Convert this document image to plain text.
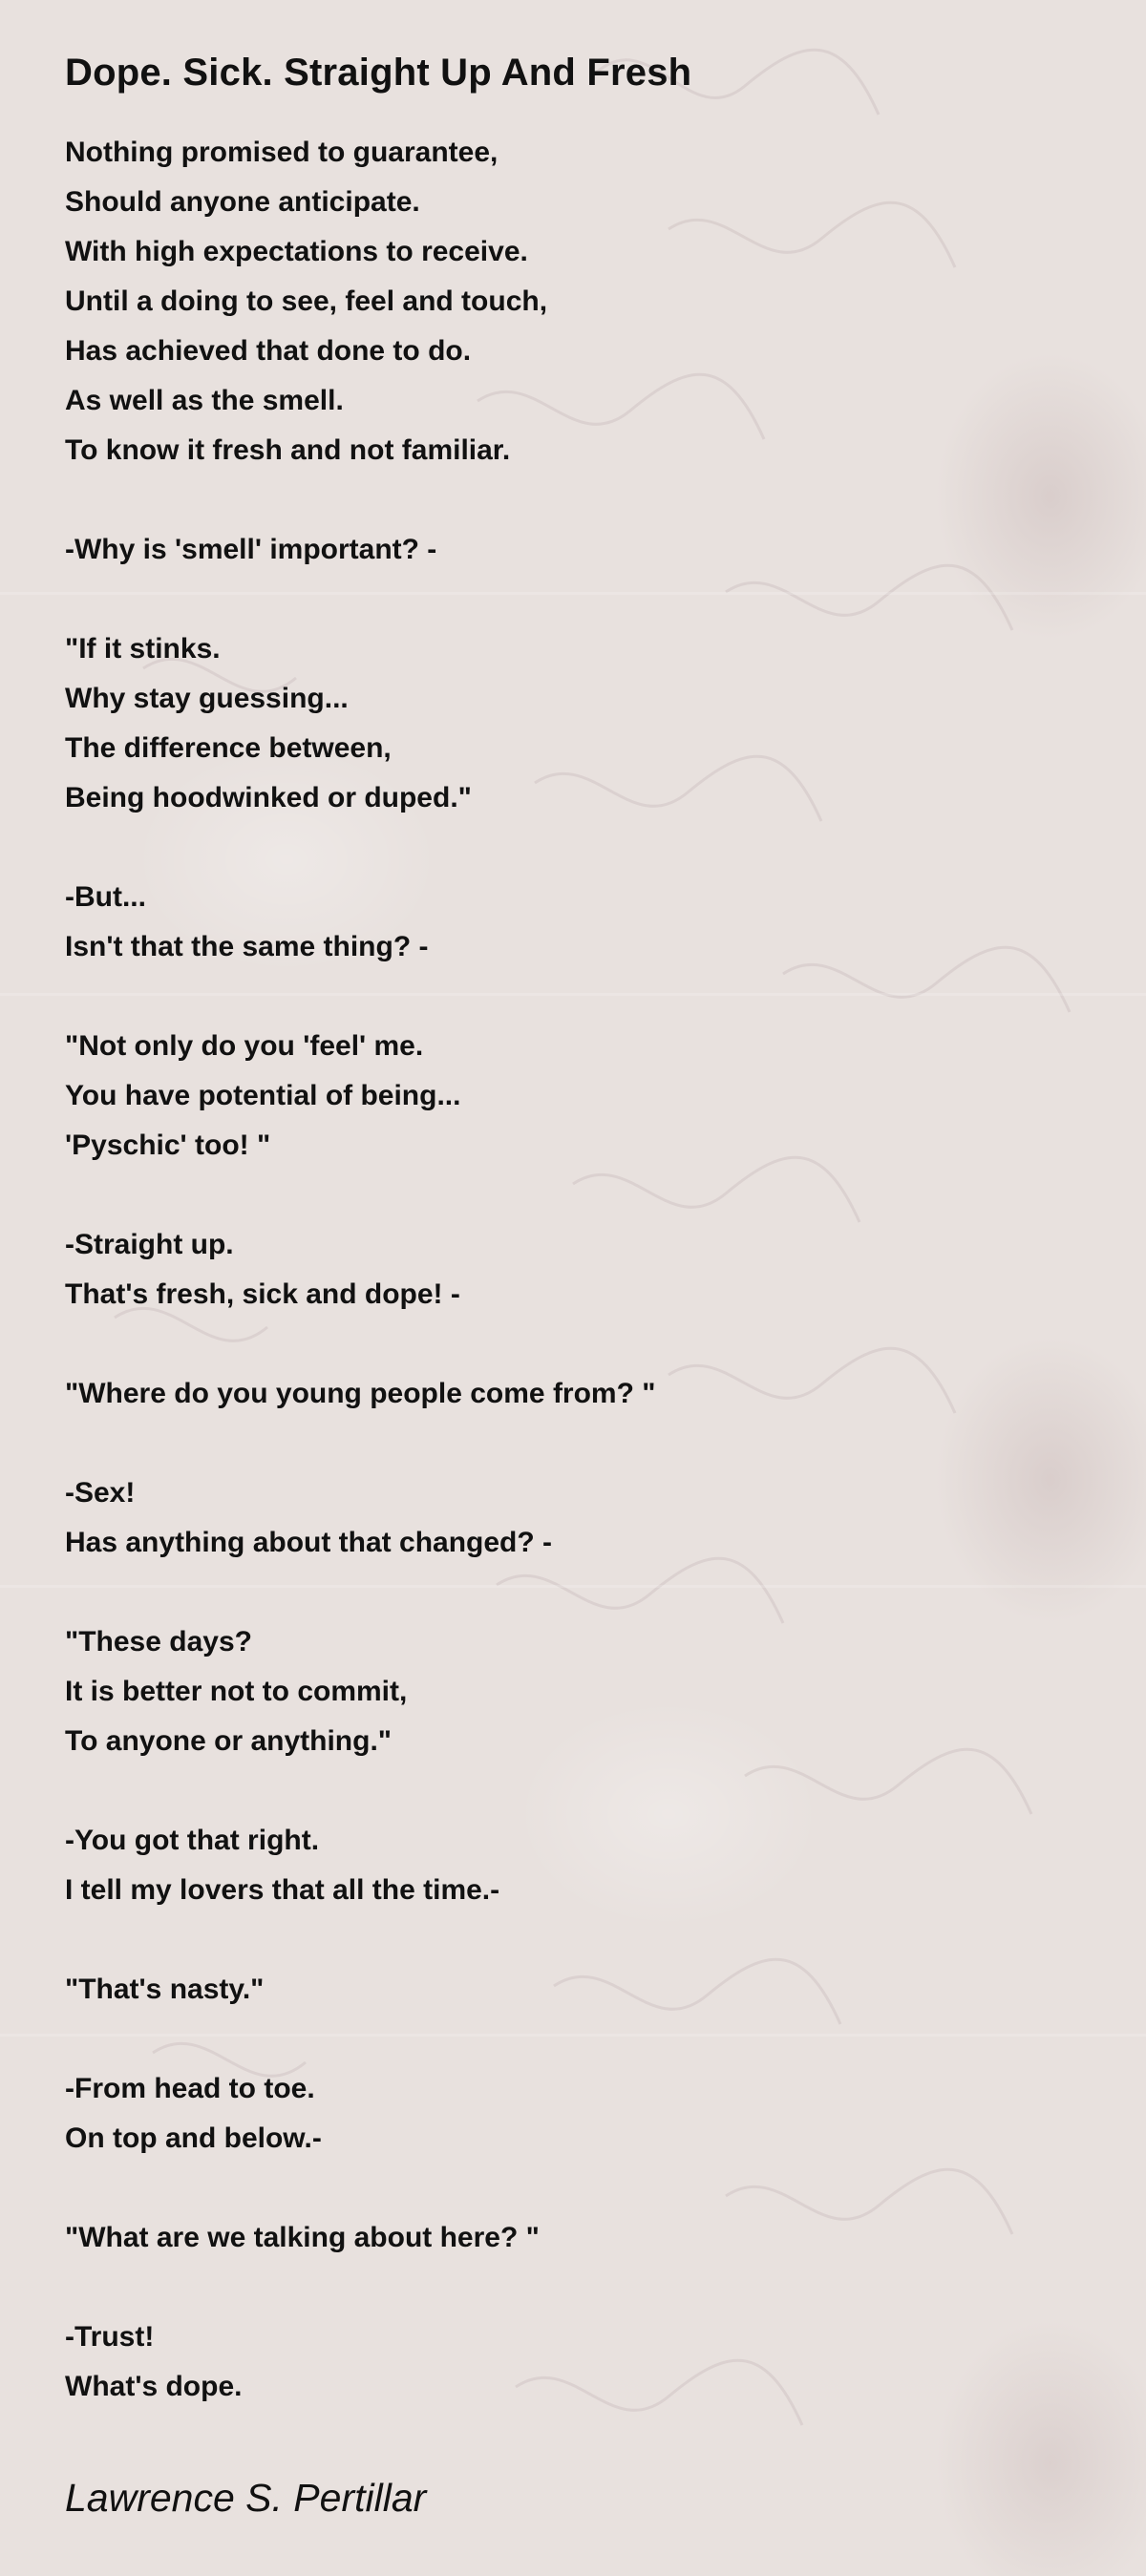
Dope. Sick. Straight Up And Fresh
Nothing promised to guarantee,
Should anyone anticipate.
With high expectations to receive.
Until a doing to see, feel and touch,
Has achieved that done to do.
As well as the smell.
To know it fresh and not familiar.
-Why is 'smell' important? -
"If it stinks.
Why stay guessing...
The difference between,
Being hoodwinked or duped."
-But...
Isn't that the same thing? -
"Not only do you 'feel' me.
You have potential of being...
'Pyschic' too! "
-Straight up.
That's fresh, sick and dope! -
"Where do you young people come from? "
-Sex!
Has anything about that changed? -
"These days?
It is better not to commit,
To anyone or anything."
-You got that right.
I tell my lovers that all the time.-
"That's nasty."
-From head to toe.
On top and below.-
"What are we talking about here? "
-Trust!
What's dope.
Lawrence S. Pertillar
